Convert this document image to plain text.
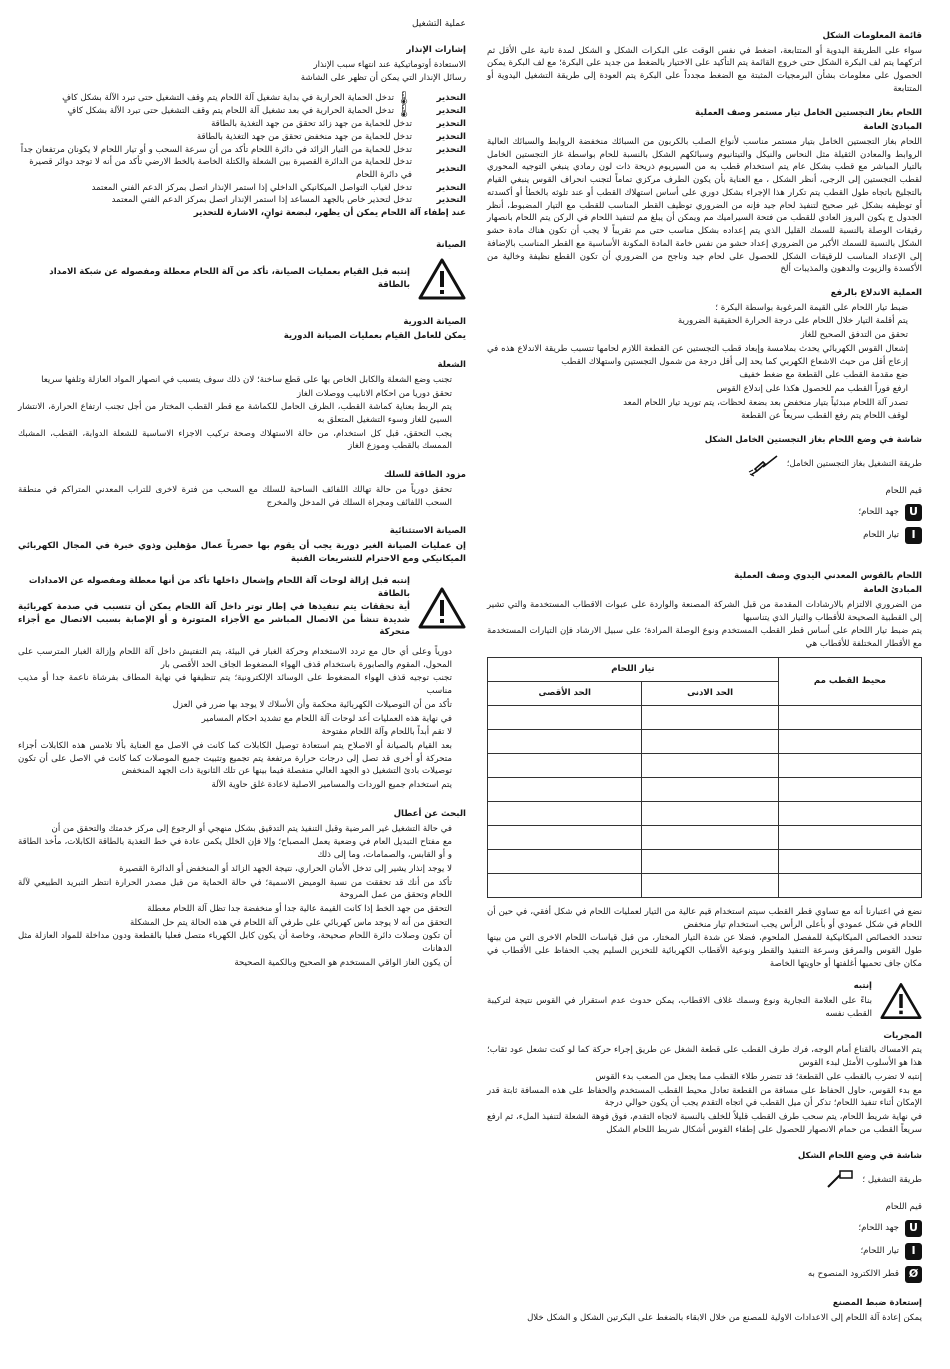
عملية التشغيل
قائمة المعلومات الشكل
سواء على الطريقة اليدوية أو المتتابعة، اضغط في نفس الوقت على البكرات الشكل و الشكل لمدة ثانية على الأقل ثم اتركهما يتم لف البكرة الشكل حتى خروج القائمة يتم التأكيد على الاختيار بالضغط من جديد على البكرة؛ مع لف البكرة يمكن الحصول على معلومات بشأن البرمجيات المثبتة مع الضغط مجدداً على البكرة يتم العودة إلى طريقة التشغيل اليدوية أو المتتابعة
اللحام بغاز التجستين الخامل تيار مستمر وصف العملية
المبادئ العامة
اللحام بغاز التجستين الخامل بتيار مستمر مناسب لأنواع الصلب بالكربون من السبائك منخفضة الروابط والسبائك العالية الروابط والمعادن الثقيلة مثل النحاس والنيكل والتيتانيوم وسبائكهم الشكل بالنسبة للحام بواسطة غاز التجستين الخامل بالتيار المباشر مع قطب بشكل عام يتم استخدام قطب به من السيريوم ذريحة ذات لون رمادي ينبغي التوجيه المحوري لقطب التجستين إلى الرجى، أنظر الشكل ، مع العناية بأن يكون الطرف مركزي تماماً لتجنب انحراف القوس ينبغي القيام بالتجليخ باتجاه طول القطب يتم تكرار هذا الإجراء بشكل دوري على أساس استهلاك القطب أو عند تلوثه بالخطأ أو أكسدته أو توظيفه بشكل غير صحيح لتنفيذ لحام جيد فإنه من الضروري توظيف القطر المناسب للقطب مع التيار المضبوط، أنظر الجدول ج يكون البروز العادي للقطب من فتحة السيراميك مم ويمكن أن يبلغ مم لتنفيذ اللحام في الركن يتم اللحام بانصهار رقيقات الوصلة بالنسبة للسمك القليل الذي يتم إعداده بشكل مناسب حتى مم تقريباً لا يجب أن تكون هناك مادة حشو الشكل بالنسبة للسمك الأكبر من الضروري إعداد حشو من نفس خامة المادة المكونة الأساسية مع القطر المناسب بالإضافة إلى الإعداد المناسب للرقيقات الشكل للحصول على لحام جيد وناجح من الضروري أن تكون القطع نظيفة وخالية من الأكسدة والزيوت والدهون والمذيبات ألخ
العملية الاندلاع بالرفع
ضبط تيار اللحام على القيمة المرغوبة بواسطة البكرة ؛
يتم أقلمة التيار خلال اللحام على درجة الحرارة الحقيقية الضرورية
تحقق من التدفق الصحيح للغاز
إشعال القوس الكهربائي يحدث بملامسة وإبعاد قطب التجستين عن القطعة اللازم لحامها تتسبب طريقة الاندلاع هذه في إزعاج أقل من حيث الاشعاع الكهربي كما يحد إلى أقل درجة من شمول التجستين واستهلاك القطب
ضع مقدمة القطب على القطعة مع ضغط خفيف
ارفع فوراً القطب مم للحصول هكذا على إندلاع القوس
تصدر آلة اللحام مبدئياً بتيار منخفض بعد بضعة لحظات، يتم توريد تيار اللحام المعد
لوقف اللحام يتم رفع القطب سريعاً عن القطعة
شاشة في وضع اللحام بغاز التجستين الخامل الشكل
طريقة التشغيل بغاز التجستين الخامل؛
قيم اللحام
U
جهد اللحام؛
I
تيار اللحام
اللحام بالقوس المعدني اليدوي وصف العملية
المبادئ العامة
من الضروري الالتزام بالارشادات المقدمة من قبل الشركة المصنعة والواردة على عبوات الاقطاب المستخدمة والتي تشير إلى القطبية الصحيحة للأقطاب والتيار الذي يتناسبها
يتم ضبط تيار اللحام على أساس قطر القطب المستخدم ونوع الوصلة المرادة؛ على سبيل الارشاد فإن التيارات المستخدمة مع الأقطار المختلفة للأقطاب هي
محيط القطب مم	تيار اللحام	
	الحد الادنى	الحد الأقصى

نضع في اعتبارنا أنه مع تساوي قطر القطب سيتم استخدام قيم عالية من التيار لعمليات اللحام في شكل أفقي، في حين أن اللحام في شكل عمودي أو بأعلى الرأس يجب استخدام تيار منخفض
تتحدد الخصائص الميكانيكية للمفصل الملحوم، فضلا عن شدة التيار المختار، من قبل قياسات اللحام الاخرى التي من بينها طول القوس والمرقق وسرعة التنفيذ والقطر ونوعية الأقطاب الكهربائية للتخزين السليم يجب الحفاظ على الأقطاب في مكان جاف تحميها أغلفتها أو حاويتها الخاصة
إنتبه
بناءً على العلامة التجارية ونوع وسمك غلاف الاقطاب، يمكن حدوث عدم استقرار في القوس نتيجة لتركيبة القطب نفسه
المجريات
يتم الامساك بالقناع أمام الوجه، فرك طرف القطب على قطعة الشغل عن طريق إجراء حركة كما لو كنت تشعل عود ثقاب؛ هذا هو الأسلوب الأمثل لبدء القوس
إنتبه لا تضرب بالقطب على القطعة؛ قد تتضرر طلاء القطب مما يجعل من الصعب بدء القوس
مع بدء القوس، حاول الحفاظ على مسافة من القطعة تعادل محيط القطب المستخدم والحفاظ على هذه المسافة ثابتة قدر الإمكان أثناء تنفيذ اللحام؛ تذكر أن ميل القطب في اتجاه التقدم يجب أن يكون حوالي درجة
في نهاية شريط اللحام، يتم سحب طرف القطب قليلاً للخلف بالنسبة لاتجاه التقدم، فوق فوهة الشعلة لتنفيذ الملء، ثم ارفع سريعاً القطب من حمام الانصهار للحصول على إطفاء القوس أشكال شريط اللحام الشكل
شاشة في وضع اللحام الشكل
طريقة التشغيل ؛
قيم اللحام
U
جهد اللحام؛
I
تيار اللحام؛
Ø
قطر الالكترود المنصوح به
إستعادة ضبط المصنع
يمكن إعادة آلة اللحام إلى الاعدادات الاولية للمصنع من خلال الابقاء بالضغط على البكرتين الشكل و الشكل خلال
إشارات الإنذار
الاستعادة أوتوماتيكية عند انتهاء سبب الإنذار
رسائل الإنذار التي يمكن أن تظهر على الشاشة
التحذير
🌡
تدخل الحماية الحرارية في بداية تشغيل آلة اللحام يتم وقف التشغيل حتى تبرد الآلة بشكل كافٍ
التحذير
🌡
تدخل الحماية الحرارية في بعد تشغيل آلة اللحام يتم وقف التشغيل حتى تبرد الآلة بشكل كافٍ
التحذير
تدخل للحماية من جهد زائد تحقق من جهد التغذية بالطاقة
التحذير
تدخل للحماية من جهد منخفض تحقق من جهد التغذية بالطاقة
التحذير
تدخل للحماية من التيار الزائد في دائرة اللحام تأكد من أن سرعة السحب و أو تيار اللحام لا يكونان مرتفعان جداً
التحذير
تدخل للحماية من الدائرة القصيرة بين الشعلة والكتلة الخاصة بالخط الارضي تأكد من أنه لا توجد دوائر قصيرة في دائرة اللحام
التحذير
تدخل لغياب التواصل الميكانيكي الداخلي إذا استمر الإنذار اتصل بمركز الدعم الفني المعتمد
التحذير
تدخل لتحذير خاص بالجهد المساعد إذا استمر الإنذار اتصل بمركز الدعم الفني المعتمد
عند إطفاء آلة اللحام يمكن أن يظهر، لبضعة ثوانٍ، الاشارة للتحذير
الصيانة
إنتبه قبل القيام بعمليات الصيانة، تأكد من آلة اللحام معطلة ومفصوله عن شبكة الامداد بالطاقة
الصيانة الدورية
يمكن للعامل القيام بعمليات الصيانة الدورية
الشعلة
تجنب وضع الشعلة والكابل الخاص بها على قطع ساخنة؛ لان ذلك سوف يتسبب في انصهار المواد العازلة وتلفها سريعا
تحقق دوريا من احكام الانابيب ووصلات الغاز
يتم الربط بعناية كماشة القطب، الظرف الحامل للكماشة مع قطر القطب المختار من أجل تجنب ارتفاع الحرارة، الانتشار السيئ للغاز وسوء التشغيل المتعلق به
يجب التحقق، قبل كل استخدام، من حالة الاستهلاك وصحة تركيب الاجزاء الاساسية للشعلة الدوابة، القطب، المشبك الممسك بالقطب وموزع الغاز
مزود الطاقة للسلك
تحقق دورياً من حالة تهالك اللفائف الساحبة للسلك مع السحب من فترة لاخرى للتراب المعدني المتراكم في منطقة السحب اللفائف ومجراة السلك في المدخل والمخرج
الصيانة الاستثنائية
إن عمليات الصيانة الغير دورية يجب أن يقوم بها حصرياً عمال مؤهلين وذوي خبرة في المجال الكهربائي الميكانيكي ومع الاحترام للتشريعات الفنية
إنتبه قبل إزالة لوحات آلة اللحام وإشعال داخلها تأكد من أنها معطلة ومفصوله عن الامدادات بالطاقة
أية تحققات يتم تنفيذها في إطار توتر داخل آلة اللحام يمكن أن تتسبب في صدمة كهربائية شديدة تنشأ من الاتصال المباشر مع الأجزاء المتوترة و أو الإصابة بسبب الاتصال مع أجزاء متحركة
دورياً وعلى أي حال مع تردد الاستخدام وحركة الغبار في البيئة، يتم التفتيش داخل آلة اللحام وإزالة الغبار المترسب على المحول، المقوم والصابورة باستخدام قذف الهواء المضغوط الجاف الحد الأقصى بار
تجنب توجيه قذف الهواء المضغوط على الوسائد الإلكترونية؛ يتم تنظيفها في نهاية المطاف بفرشاة ناعمة جدا أو مذيب مناسب
تأكد من أن التوصيلات الكهربائية محكمة وأن الأسلاك لا يوجد بها ضرر في العزل
في نهاية هذه العمليات أعد لوحات آلة اللحام مع تشديد احكام المسامير
لا تقم أبداً باللحام وآلة اللحام مفتوحة
بعد القيام بالصيانة أو الاصلاح يتم استعادة توصيل الكابلات كما كانت في الاصل مع العناية بألا تلامس هذه الكابلات أجزاء متحركة أو أخرى قد تصل إلى درجات حرارة مرتفعة يتم تجميع وتثبيت جميع الموصلات كما كانت في الاصل على أن تكون توصيلات بادئ التشغيل ذو الجهد العالي منفصلة فيما بينها عن تلك الثانوية ذات الجهد المنخفض
يتم استخدام جميع الوردات والمسامير الاصلية لاعادة غلق حاوية الآلة
البحث عن أعطال
في حالة التشغيل غير المرضية وقبل التنفيذ يتم التدقيق بشكل منهجي أو الرجوع إلى مركز خدمتك والتحقق من أن
مع مفتاح التبديل العام في وضعية يعمل المصباح؛ وإلا فإن الخلل يكمن عادة في خط التغذية بالطاقة الكابلات، مأخذ الطاقة و أو القابس، والصمامات، وما إلى ذلك
لا يوجد إنذار يشير إلى تدخل الأمان الحراري، نتيجة الجهد الزائد أو المنخفض أو الدائرة القصيرة
تأكد من أنك قد تحققت من نسبة الوميض الاسمية؛ في حالة الحماية من قبل مصدر الحرارة انتظر التبريد الطبيعي لآلة اللحام وتحقق من عمل المروحة
التحقق من جهد الخط إذا كانت القيمة عالية جدا أو منخفضة جدا تظل آلة اللحام معطلة
التحقق من أنه لا يوجد ماس كهربائي على طرفي آلة اللحام في هذه الحالة يتم حل المشكلة
أن تكون وصلات دائرة اللحام صحيحة، وخاصة أن يكون كابل الكهرباء متصل فعليا بالقطعة ودون مداخلة للمواد العازلة مثل الدهانات
أن يكون الغاز الواقي المستخدم هو الصحيح وبالكمية الصحيحة
